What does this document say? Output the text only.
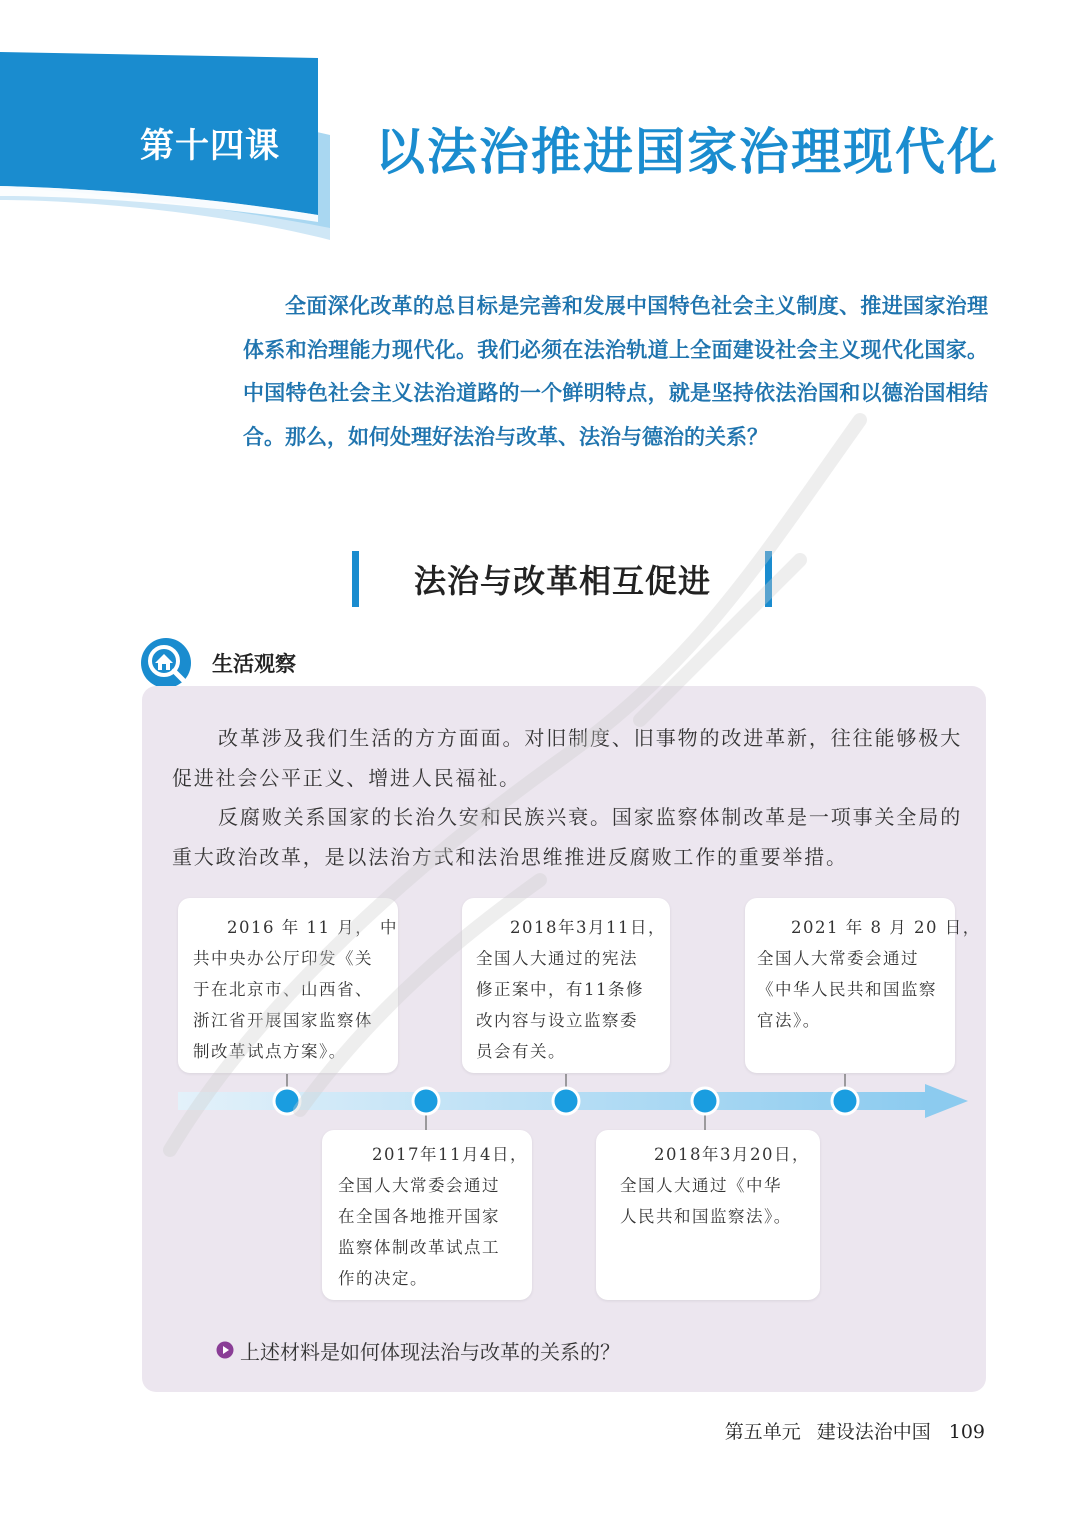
第十四课	以法治推进国家治理现代化

全面深化改革的总目标是完善和发展中国特色社会主义制度、推进国家治理体系和治理能力现代化。我们必须在法治轨道上全面建设社会主义现代化国家。中国特色社会主义法治道路的一个鲜明特点，就是坚持依法治国和以德治国相结合。那么，如何处理好法治与改革、法治与德治的关系？

法治与改革相互促进
生活观察

改革涉及我们生活的方方面面。对旧制度、旧事物的改进革新，往往能够极大促进社会公平正义、增进人民福祉。

反腐败关系国家的长治久安和民族兴衰。国家监察体制改革是一项事关全局的重大政治改革，是以法治方式和法治思维推进反腐败工作的重要举措。

2016 年 11 月， 中
共中央办公厅印发《关
于在北京市、山西省、
浙江省开展国家监察体
制改革试点方案》。
2018年3月11日，
全国人大通过的宪法
修正案中，有11条修
改内容与设立监察委
员会有关。
2021 年 8 月 20 日，
全国人大常委会通过
《中华人民共和国监察
官法》。
2017年11月4日，
全国人大常委会通过
在全国各地推开国家
监察体制改革试点工
作的决定。
2018年3月20日，
全国人大通过《中华
人民共和国监察法》。
上述材料是如何体现法治与改革的关系的？
第五单元 建设法治中国 109
